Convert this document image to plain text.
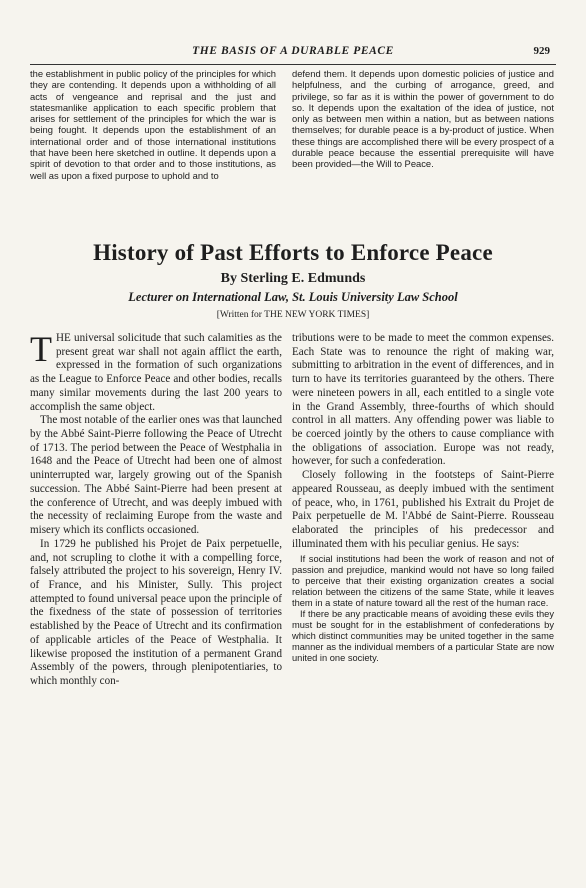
THE BASIS OF A DURABLE PEACE	929
the establishment in public policy of the principles for which they are contending. It depends upon a withholding of all acts of vengeance and reprisal and the just and statesmanlike application to each specific problem that arises for settlement of the principles for which the war is being fought. It depends upon the establishment of an international order and of those international institutions that have been here sketched in outline. It depends upon a spirit of devotion to that order and to those institutions, as well as upon a fixed purpose to uphold and to
defend them. It depends upon domestic policies of justice and helpfulness, and the curbing of arrogance, greed, and privilege, so far as it is within the power of government to do so. It depends upon the exaltation of the idea of justice, not only as between men within a nation, but as between nations themselves; for durable peace is a by-product of justice. When these things are accomplished there will be every prospect of a durable peace because the essential prerequisite will have been provided—the Will to Peace.
History of Past Efforts to Enforce Peace
By Sterling E. Edmunds
Lecturer on International Law, St. Louis University Law School
[Written for THE NEW YORK TIMES]

THE universal solicitude that such calamities as the present great war shall not again afflict the earth, expressed in the formation of such organizations as the League to Enforce Peace and other bodies, recalls many similar movements during the last 200 years to accomplish the same object.

The most notable of the earlier ones was that launched by the Abbé Saint-Pierre following the Peace of Utrecht of 1713. The period between the Peace of Westphalia in 1648 and the Peace of Utrecht had been one of almost uninterrupted war, largely growing out of the Spanish succession. The Abbé Saint-Pierre had been present at the conference of Utrecht, and was deeply imbued with the necessity of reclaiming Europe from the waste and misery which its conflicts occasioned.

In 1729 he published his Projet de Paix perpetuelle, and, not scrupling to clothe it with a compelling force, falsely attributed the project to his sovereign, Henry IV. of France, and his Minister, Sully. This project attempted to found universal peace upon the principle of the fixedness of the state of possession of territories established by the Peace of Utrecht and its confirmation of applicable articles of the Peace of Westphalia. It likewise proposed the institution of a permanent Grand Assembly of the powers, through plenipotentiaries, to which monthly con-

tributions were to be made to meet the common expenses. Each State was to renounce the right of making war, submitting to arbitration in the event of differences, and in turn to have its territories guaranteed by the others. There were nineteen powers in all, each entitled to a single vote in the Grand Assembly, three-fourths of which should control in all matters. Any offending power was liable to be coerced jointly by the others to cause compliance with the obligations of association. Europe was not ready, however, for such a confederation.

Closely following in the footsteps of Saint-Pierre appeared Rousseau, as deeply imbued with the sentiment of peace, who, in 1761, published his Extrait du Projet de Paix perpetuelle de M. l'Abbé de Saint-Pierre. Rousseau elaborated the principles of his predecessor and illuminated them with his peculiar genius. He says:

If social institutions had been the work of reason and not of passion and prejudice, mankind would not have so long failed to perceive that their existing organization creates a social relation between the citizens of the same State, while it leaves them in a state of nature toward all the rest of the human race.

If there be any practicable means of avoiding these evils they must be sought for in the establishment of confederations by which distinct communities may be united together in the same manner as the individual members of a particular State are now united in one society.
